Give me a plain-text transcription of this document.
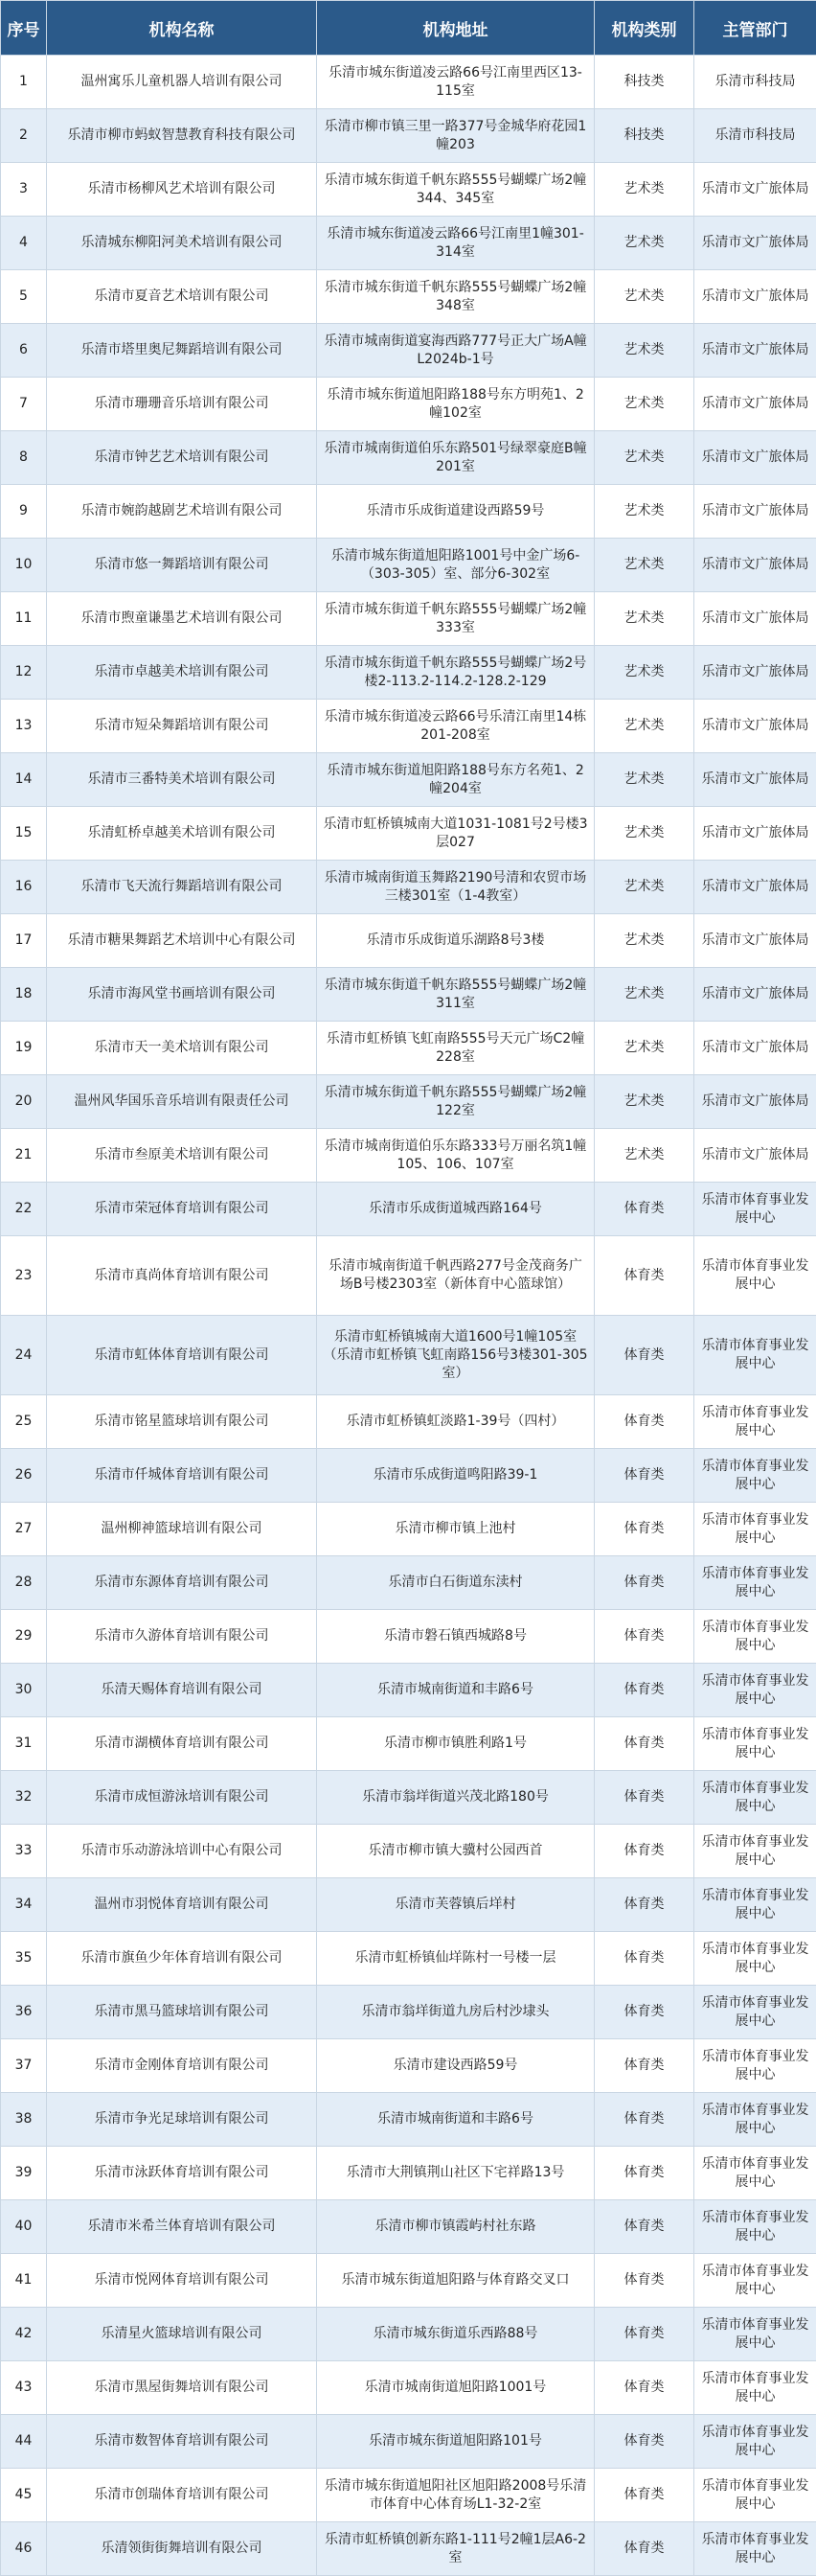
序号	机构名称	机构地址	机构类别	主管部门
1	温州寓乐儿童机器人培训有限公司	乐清市城东街道凌云路66号江南里西区13-115室	科技类	乐清市科技局
2	乐清市柳市蚂蚁智慧教育科技有限公司	乐清市柳市镇三里一路377号金城华府花园1幢203	科技类	乐清市科技局
3	乐清市杨柳风艺术培训有限公司	乐清市城东街道千帆东路555号蝴蝶广场2幢344、345室	艺术类	乐清市文广旅体局
4	乐清城东柳阳河美术培训有限公司	乐清市城东街道凌云路66号江南里1幢301-314室	艺术类	乐清市文广旅体局
5	乐清市夏音艺术培训有限公司	乐清市城东街道千帆东路555号蝴蝶广场2幢348室	艺术类	乐清市文广旅体局
6	乐清市塔里奥尼舞蹈培训有限公司	乐清市城南街道宴海西路777号正大广场A幢L2024b-1号	艺术类	乐清市文广旅体局
7	乐清市珊珊音乐培训有限公司	乐清市城东街道旭阳路188号东方明苑1、2幢102室	艺术类	乐清市文广旅体局
8	乐清市钟艺艺术培训有限公司	乐清市城南街道伯乐东路501号绿翠豪庭B幢201室	艺术类	乐清市文广旅体局
9	乐清市婉韵越剧艺术培训有限公司	乐清市乐成街道建设西路59号	艺术类	乐清市文广旅体局
10	乐清市悠一舞蹈培训有限公司	乐清市城东街道旭阳路1001号中金广场6-（303-305）室、部分6-302室	艺术类	乐清市文广旅体局
11	乐清市煦童谦墨艺术培训有限公司	乐清市城东街道千帆东路555号蝴蝶广场2幢333室	艺术类	乐清市文广旅体局
12	乐清市卓越美术培训有限公司	乐清市城东街道千帆东路555号蝴蝶广场2号楼2-113.2-114.2-128.2-129	艺术类	乐清市文广旅体局
13	乐清市短朵舞蹈培训有限公司	乐清市城东街道凌云路66号乐清江南里14栋201-208室	艺术类	乐清市文广旅体局
14	乐清市三番特美术培训有限公司	乐清市城东街道旭阳路188号东方名苑1、2幢204室	艺术类	乐清市文广旅体局
15	乐清虹桥卓越美术培训有限公司	乐清市虹桥镇城南大道1031-1081号2号楼3层027	艺术类	乐清市文广旅体局
16	乐清市飞天流行舞蹈培训有限公司	乐清市城南街道玉舞路2190号清和农贸市场三楼301室（1-4教室）	艺术类	乐清市文广旅体局
17	乐清市糖果舞蹈艺术培训中心有限公司	乐清市乐成街道乐湖路8号3楼	艺术类	乐清市文广旅体局
18	乐清市海风堂书画培训有限公司	乐清市城东街道千帆东路555号蝴蝶广场2幢311室	艺术类	乐清市文广旅体局
19	乐清市天一美术培训有限公司	乐清市虹桥镇飞虹南路555号天元广场C2幢228室	艺术类	乐清市文广旅体局
20	温州风华国乐音乐培训有限责任公司	乐清市城东街道千帆东路555号蝴蝶广场2幢122室	艺术类	乐清市文广旅体局
21	乐清市叁原美术培训有限公司	乐清市城南街道伯乐东路333号万丽名筑1幢105、106、107室	艺术类	乐清市文广旅体局
22	乐清市荣冠体育培训有限公司	乐清市乐成街道城西路164号	体育类	乐清市体育事业发展中心
23	乐清市真尚体育培训有限公司	乐清市城南街道千帆西路277号金茂商务广场B号楼2303室（新体育中心篮球馆）	体育类	乐清市体育事业发展中心
24	乐清市虹体体育培训有限公司	乐清市虹桥镇城南大道1600号1幢105室（乐清市虹桥镇飞虹南路156号3楼301-305室）	体育类	乐清市体育事业发展中心
25	乐清市铭星篮球培训有限公司	乐清市虹桥镇虹淡路1-39号（四村）	体育类	乐清市体育事业发展中心
26	乐清市仟城体育培训有限公司	乐清市乐成街道鸣阳路39-1	体育类	乐清市体育事业发展中心
27	温州柳神篮球培训有限公司	乐清市柳市镇上池村	体育类	乐清市体育事业发展中心
28	乐清市东源体育培训有限公司	乐清市白石街道东渎村	体育类	乐清市体育事业发展中心
29	乐清市久游体育培训有限公司	乐清市磐石镇西城路8号	体育类	乐清市体育事业发展中心
30	乐清天赐体育培训有限公司	乐清市城南街道和丰路6号	体育类	乐清市体育事业发展中心
31	乐清市湖横体育培训有限公司	乐清市柳市镇胜利路1号	体育类	乐清市体育事业发展中心
32	乐清市成恒游泳培训有限公司	乐清市翁垟街道兴茂北路180号	体育类	乐清市体育事业发展中心
33	乐清市乐动游泳培训中心有限公司	乐清市柳市镇大骥村公园西首	体育类	乐清市体育事业发展中心
34	温州市羽悦体育培训有限公司	乐清市芙蓉镇后垟村	体育类	乐清市体育事业发展中心
35	乐清市旗鱼少年体育培训有限公司	乐清市虹桥镇仙垟陈村一号楼一层	体育类	乐清市体育事业发展中心
36	乐清市黑马篮球培训有限公司	乐清市翁垟街道九房后村沙埭头	体育类	乐清市体育事业发展中心
37	乐清市金刚体育培训有限公司	乐清市建设西路59号	体育类	乐清市体育事业发展中心
38	乐清市争光足球培训有限公司	乐清市城南街道和丰路6号	体育类	乐清市体育事业发展中心
39	乐清市泳跃体育培训有限公司	乐清市大荆镇荆山社区下宅祥路13号	体育类	乐清市体育事业发展中心
40	乐清市米希兰体育培训有限公司	乐清市柳市镇霞屿村社东路	体育类	乐清市体育事业发展中心
41	乐清市悦网体育培训有限公司	乐清市城东街道旭阳路与体育路交叉口	体育类	乐清市体育事业发展中心
42	乐清星火篮球培训有限公司	乐清市城东街道乐西路88号	体育类	乐清市体育事业发展中心
43	乐清市黑屋街舞培训有限公司	乐清市城南街道旭阳路1001号	体育类	乐清市体育事业发展中心
44	乐清市数智体育培训有限公司	乐清市城东街道旭阳路101号	体育类	乐清市体育事业发展中心
45	乐清市创瑞体育培训有限公司	乐清市城东街道旭阳社区旭阳路2008号乐清市体育中心体育场L1-32-2室	体育类	乐清市体育事业发展中心
46	乐清领街街舞培训有限公司	乐清市虹桥镇创新东路1-111号2幢1层A6-2室	体育类	乐清市体育事业发展中心
